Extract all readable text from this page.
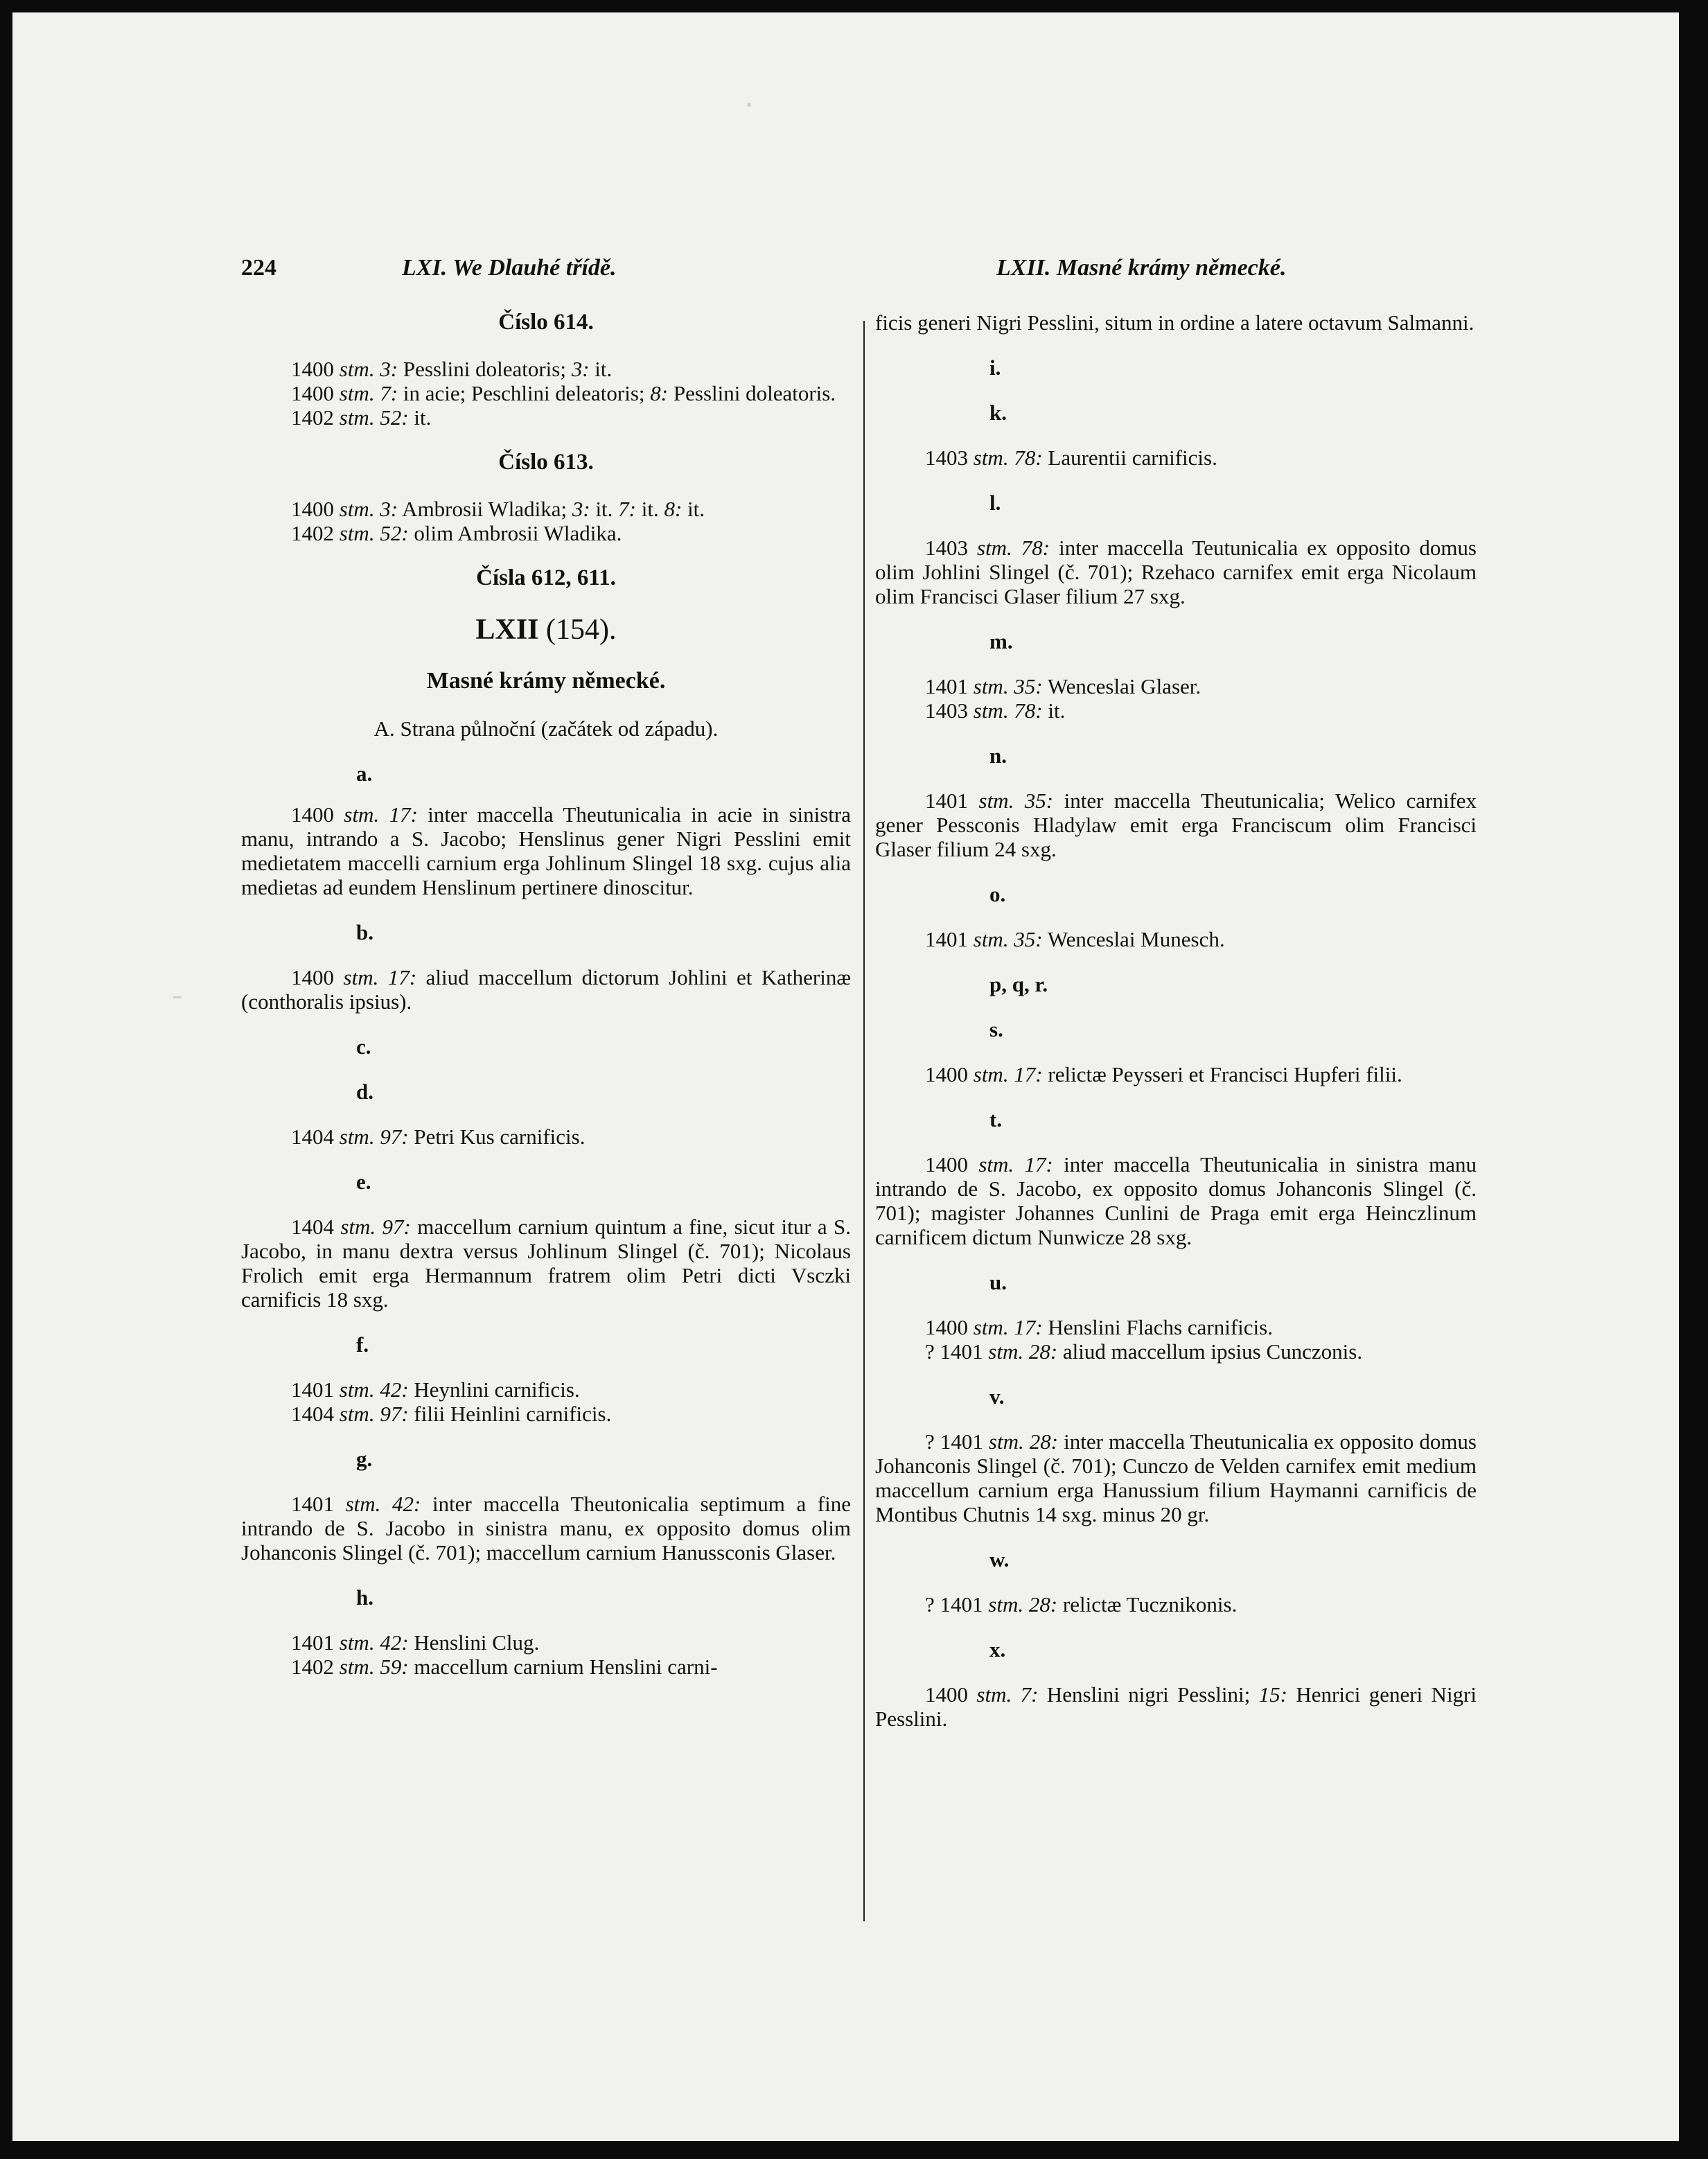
224	LXI. We Dlauhé třídě.	LXII. Masné krámy německé.
Číslo 614.

1400 stm. 3: Pesslini doleatoris; 3: it.

1400 stm. 7: in acie; Peschlini deleatoris; 8: Pesslini doleatoris.

1402 stm. 52: it.

Číslo 613.

1400 stm. 3: Ambrosii Wladika; 3: it. 7: it. 8: it.

1402 stm. 52: olim Ambrosii Wladika.

Čísla 612, 611.
LXII (154).
Masné krámy německé.
A. Strana půlnoční (začátek od západu).
a.

1400 stm. 17: inter maccella Theutunicalia in acie in sinistra manu, intrando a S. Jacobo; Henslinus gener Nigri Pesslini emit medietatem maccelli carnium erga Johlinum Slingel 18 sxg. cujus alia medietas ad eundem Henslinum pertinere dinoscitur.

b.

1400 stm. 17: aliud maccellum dictorum Johlini et Katherinæ (conthoralis ipsius).

c.
d.

1404 stm. 97: Petri Kus carnificis.

e.

1404 stm. 97: maccellum carnium quintum a fine, sicut itur a S. Jacobo, in manu dextra versus Johlinum Slingel (č. 701); Nicolaus Frolich emit erga Hermannum fratrem olim Petri dicti Vsczki carnificis 18 sxg.

f.

1401 stm. 42: Heynlini carnificis.

1404 stm. 97: filii Heinlini carnificis.

g.

1401 stm. 42: inter maccella Theutonicalia septimum a fine intrando de S. Jacobo in sinistra manu, ex opposito domus olim Johanconis Slingel (č. 701); maccellum carnium Hanussconis Glaser.

h.

1401 stm. 42: Henslini Clug.

1402 stm. 59: maccellum carnium Henslini carni-

ficis generi Nigri Pesslini, situm in ordine a latere octavum Salmanni.

i.
k.

1403 stm. 78: Laurentii carnificis.

l.

1403 stm. 78: inter maccella Teutunicalia ex opposito domus olim Johlini Slingel (č. 701); Rzehaco carnifex emit erga Nicolaum olim Francisci Glaser filium 27 sxg.

m.

1401 stm. 35: Wenceslai Glaser.

1403 stm. 78: it.

n.

1401 stm. 35: inter maccella Theutunicalia; Welico carnifex gener Pessconis Hladylaw emit erga Franciscum olim Francisci Glaser filium 24 sxg.

o.

1401 stm. 35: Wenceslai Munesch.

p, q, r.
s.

1400 stm. 17: relictæ Peysseri et Francisci Hupferi filii.

t.

1400 stm. 17: inter maccella Theutunicalia in sinistra manu intrando de S. Jacobo, ex opposito domus Johanconis Slingel (č. 701); magister Johannes Cunlini de Praga emit erga Heinczlinum carnificem dictum Nunwicze 28 sxg.

u.

1400 stm. 17: Henslini Flachs carnificis.

? 1401 stm. 28: aliud maccellum ipsius Cunczonis.

v.

? 1401 stm. 28: inter maccella Theutunicalia ex opposito domus Johanconis Slingel (č. 701); Cunczo de Velden carnifex emit medium maccellum carnium erga Hanussium filium Haymanni carnificis de Montibus Chutnis 14 sxg. minus 20 gr.

w.

? 1401 stm. 28: relictæ Tucznikonis.

x.

1400 stm. 7: Henslini nigri Pesslini; 15: Henrici generi Nigri Pesslini.
